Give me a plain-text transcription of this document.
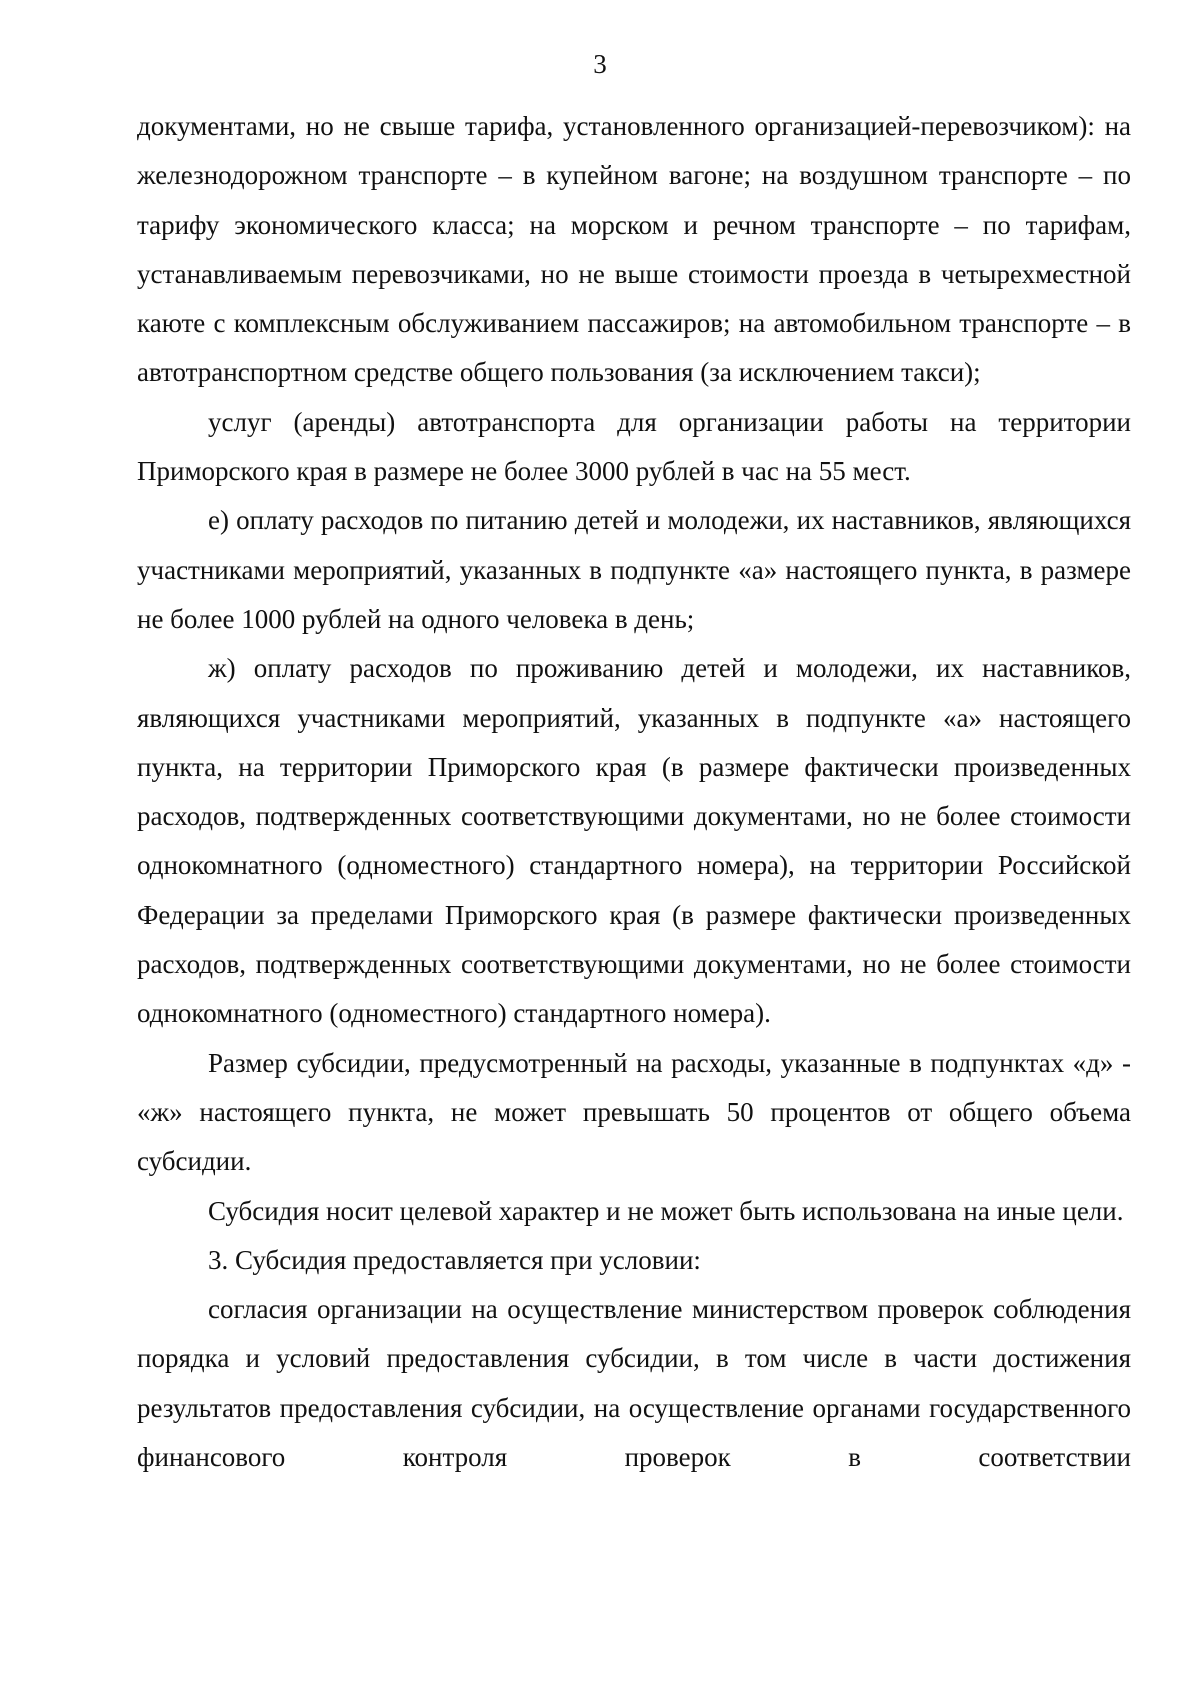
3

документами, но не свыше тарифа, установленного организацией-перевозчиком): на железнодорожном транспорте – в купейном вагоне; на воздушном транспорте – по тарифу экономического класса; на морском и речном транспорте – по тарифам, устанавливаемым перевозчиками, но не выше стоимости проезда в четырехместной каюте с комплексным обслуживанием пассажиров; на автомобильном транспорте – в автотранспортном средстве общего пользования (за исключением такси);

услуг (аренды) автотранспорта для организации работы на территории Приморского края в размере не более 3000 рублей в час на 55 мест.

е) оплату расходов по питанию детей и молодежи, их наставников, являющихся участниками мероприятий, указанных в подпункте «а» настоящего пункта, в размере не более 1000 рублей на одного человека в день;

ж) оплату расходов по проживанию детей и молодежи, их наставников, являющихся участниками мероприятий, указанных в подпункте «а» настоящего пункта, на территории Приморского края (в размере фактически произведенных расходов, подтвержденных соответствующими документами, но не более стоимости однокомнатного (одноместного) стандартного номера), на территории Российской Федерации за пределами Приморского края (в размере фактически произведенных расходов, подтвержденных соответствующими документами, но не более стоимости однокомнатного (одноместного) стандартного номера).

Размер субсидии, предусмотренный на расходы, указанные в подпунктах «д» - «ж» настоящего пункта, не может превышать 50 процентов от общего объема субсидии.

Субсидия носит целевой характер и не может быть использована на иные цели.

3. Субсидия предоставляется при условии:

согласия организации на осуществление министерством проверок соблюдения порядка и условий предоставления субсидии, в том числе в части достижения результатов предоставления субсидии, на осуществление органами государственного финансового контроля проверок в соответствии
